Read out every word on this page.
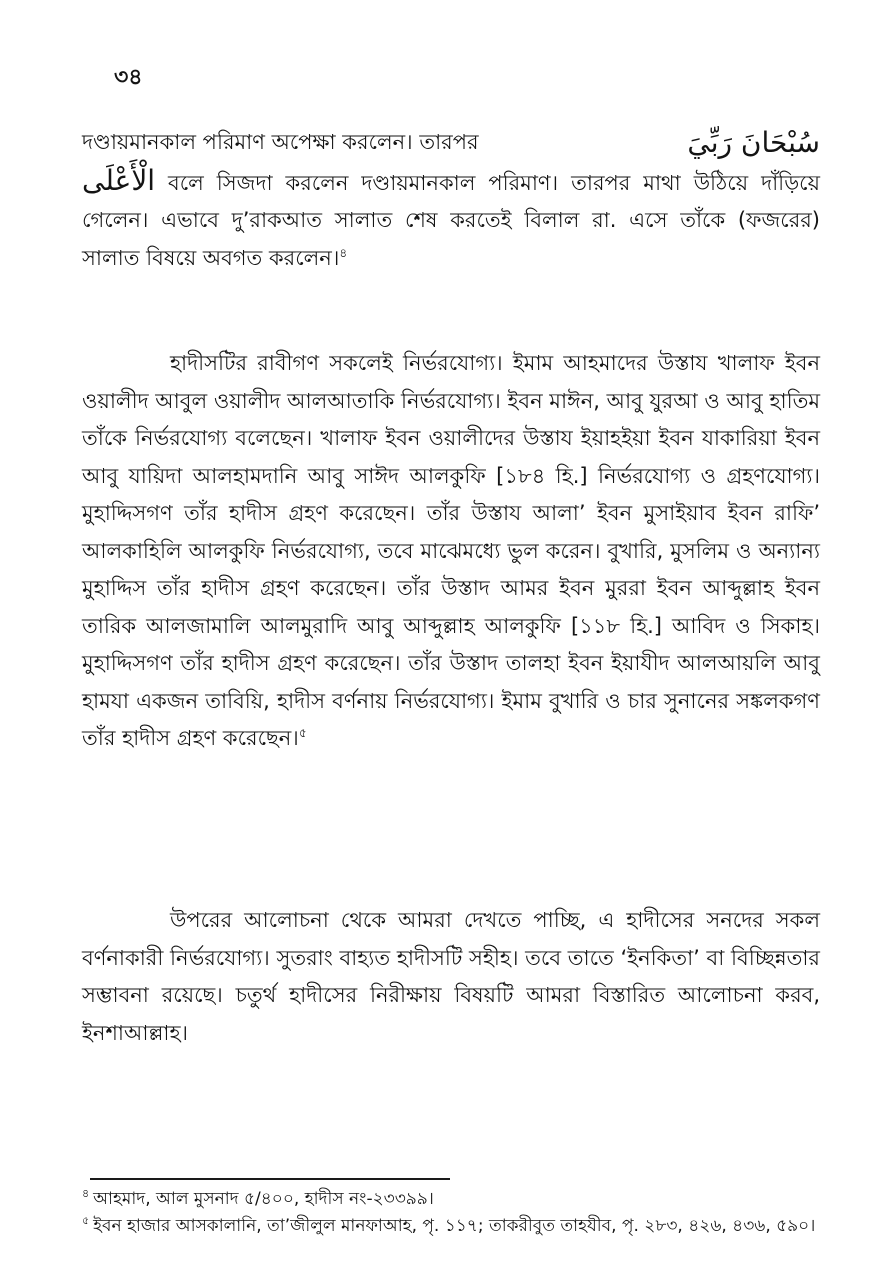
৩৪

سُبْحَانَ رَبِّيَ
দণ্ডায়মানকাল পরিমাণ অপেক্ষা করলেন। তারপর
الْأَعْلَى বলে সিজদা করলেন দণ্ডায়মানকাল পরিমাণ। তারপর মাথা উঠিয়ে দাঁড়িয়ে গেলেন। এভাবে দু’রাকআত সালাত শেষ করতেই বিলাল রা. এসে তাঁকে (ফজরের) সালাত বিষয়ে অবগত করলেন।$^৪$

হাদীসটির রাবীগণ সকলেই নির্ভরযোগ্য। ইমাম আহমাদের উস্তায খালাফ ইবন ওয়ালীদ আবুল ওয়ালীদ আলআতাকি নির্ভরযোগ্য। ইবন মাঈন, আবু যুরআ ও আবু হাতিম তাঁকে নির্ভরযোগ্য বলেছেন। খালাফ ইবন ওয়ালীদের উস্তায ইয়াহইয়া ইবন যাকারিয়া ইবন আবু যায়িদা আলহামদানি আবু সাঈদ আলকুফি [১৮৪ হি.] নির্ভরযোগ্য ও গ্রহণযোগ্য। মুহাদ্দিসগণ তাঁর হাদীস গ্রহণ করেছেন। তাঁর উস্তায আলা’ ইবন মুসাইয়াব ইবন রাফি’ আলকাহিলি আলকুফি নির্ভরযোগ্য, তবে মাঝেমধ্যে ভুল করেন। বুখারি, মুসলিম ও অন্যান্য মুহাদ্দিস তাঁর হাদীস গ্রহণ করেছেন। তাঁর উস্তাদ আমর ইবন মুররা ইবন আব্দুল্লাহ ইবন তারিক আলজামালি আলমুরাদি আবু আব্দুল্লাহ আলকুফি [১১৮ হি.] আবিদ ও সিকাহ। মুহাদ্দিসগণ তাঁর হাদীস গ্রহণ করেছেন। তাঁর উস্তাদ তালহা ইবন ইয়াযীদ আলআয়লি আবু হামযা একজন তাবিয়ি, হাদীস বর্ণনায় নির্ভরযোগ্য। ইমাম বুখারি ও চার সুনানের সঙ্কলকগণ তাঁর হাদীস গ্রহণ করেছেন।$^৫$

উপরের আলোচনা থেকে আমরা দেখতে পাচ্ছি, এ হাদীসের সনদের সকল বর্ণনাকারী নির্ভরযোগ্য। সুতরাং বাহ্যত হাদীসটি সহীহ। তবে তাতে ‘ইনকিতা’ বা বিচ্ছিন্নতার সম্ভাবনা রয়েছে। চতুর্থ হাদীসের নিরীক্ষায় বিষয়টি আমরা বিস্তারিত আলোচনা করব, ইনশাআল্লাহ।

$^৪$ আহমাদ, আল মুসনাদ ৫/৪০০, হাদীস নং-২৩৩৯৯।

$^৫$ ইবন হাজার আসকালানি, তা’জীলুল মানফাআহ, পৃ. ১১৭; তাকরীবুত তাহযীব, পৃ. ২৮৩, ৪২৬, ৪৩৬, ৫৯০।
